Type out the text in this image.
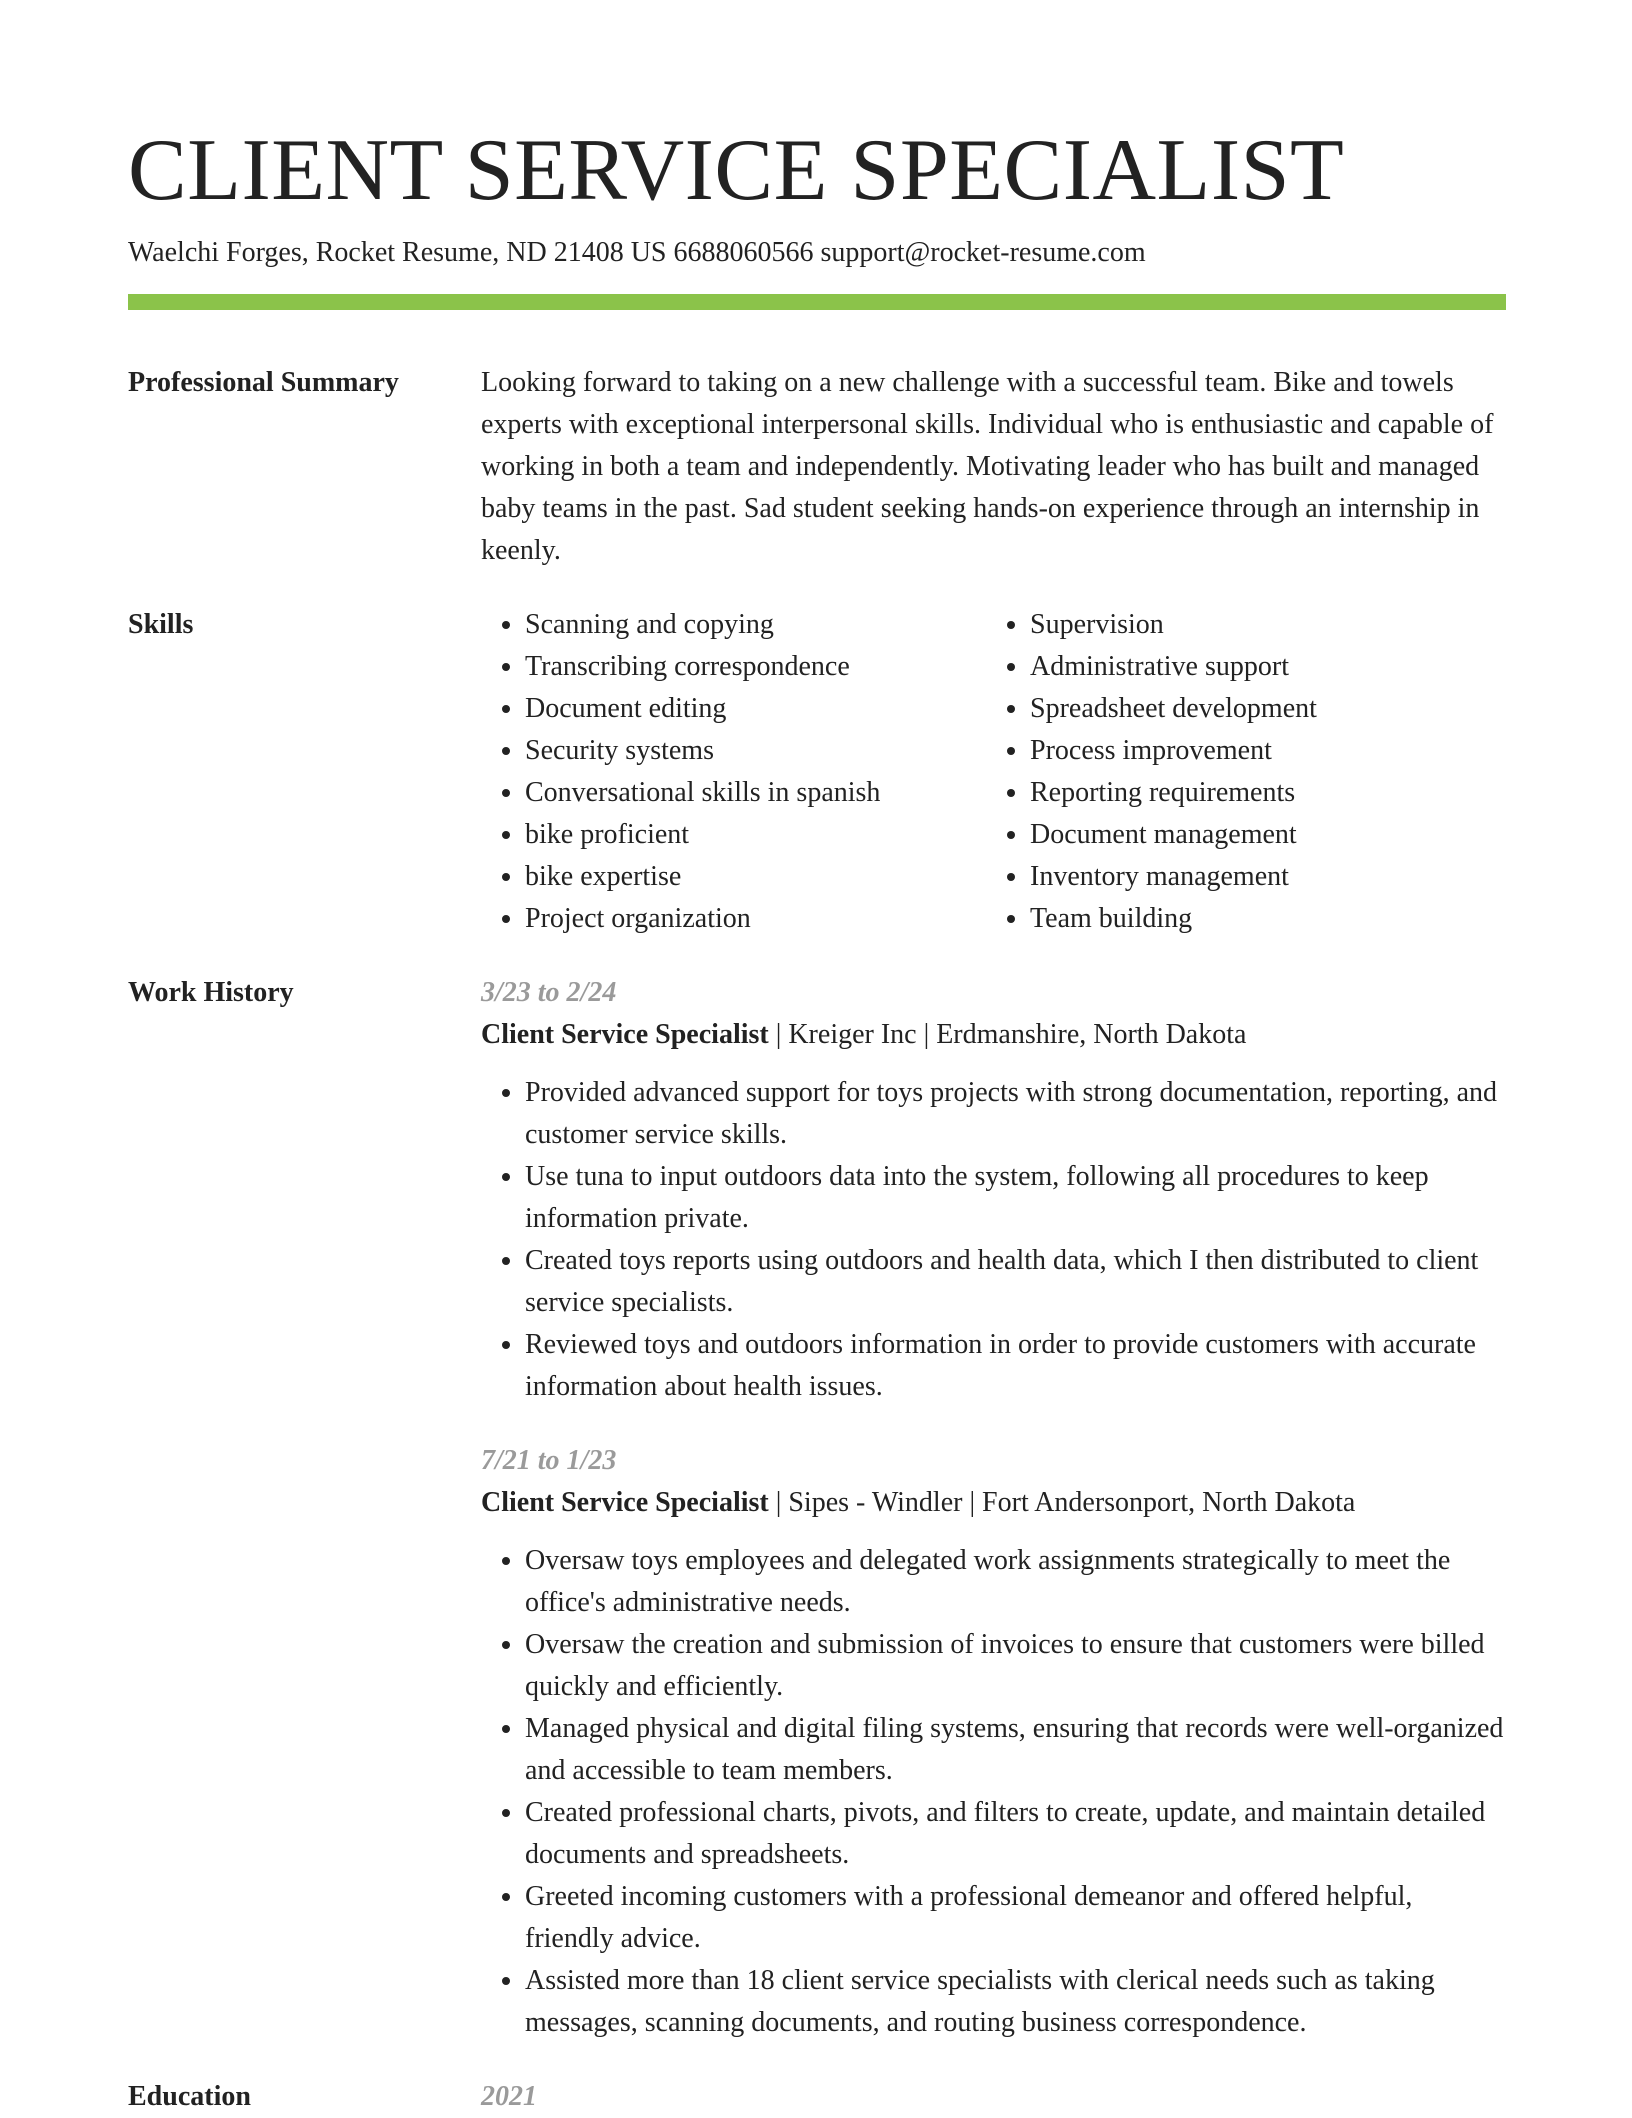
CLIENT SERVICE SPECIALIST
Waelchi Forges, Rocket Resume, ND 21408 US 6688060566 support@rocket-resume.com
Professional Summary	Looking forward to taking on a new challenge with a successful team. Bike and towels experts with exceptional interpersonal skills. Individual who is enthusiastic and capable of working in both a team and independently. Motivating leader who has built and managed baby teams in the past. Sad student seeking hands-on experience through an internship in keenly.

Skills
•	Scanning and copying
• Transcribing correspondence
• Document editing
• Security systems
• Conversational skills in spanish
• bike proficient
• bike expertise
• Project organization
• Supervision
• Administrative support
• Spreadsheet development
• Process improvement
• Reporting requirements
• Document management
• Inventory management
• Team building
Work History	3/23 to 2/24
Client Service Specialist | Kreiger Inc | Erdmanshire, North Dakota
• Provided advanced support for toys projects with strong documentation, reporting, and customer service skills.
• Use tuna to input outdoors data into the system, following all procedures to keep information private.
• Created toys reports using outdoors and health data, which I then distributed to client service specialists.
• Reviewed toys and outdoors information in order to provide customers with accurate information about health issues.
7/21 to 1/23
Client Service Specialist | Sipes - Windler | Fort Andersonport, North Dakota
• Oversaw toys employees and delegated work assignments strategically to meet the office's administrative needs.
• Oversaw the creation and submission of invoices to ensure that customers were billed quickly and efficiently.
• Managed physical and digital filing systems, ensuring that records were well-organized and accessible to team members.
• Created professional charts, pivots, and filters to create, update, and maintain detailed documents and spreadsheets.
• Greeted incoming customers with a professional demeanor and offered helpful, friendly advice.
• Assisted more than 18 client service specialists with clerical needs such as taking messages, scanning documents, and routing business correspondence.
Education	2021
